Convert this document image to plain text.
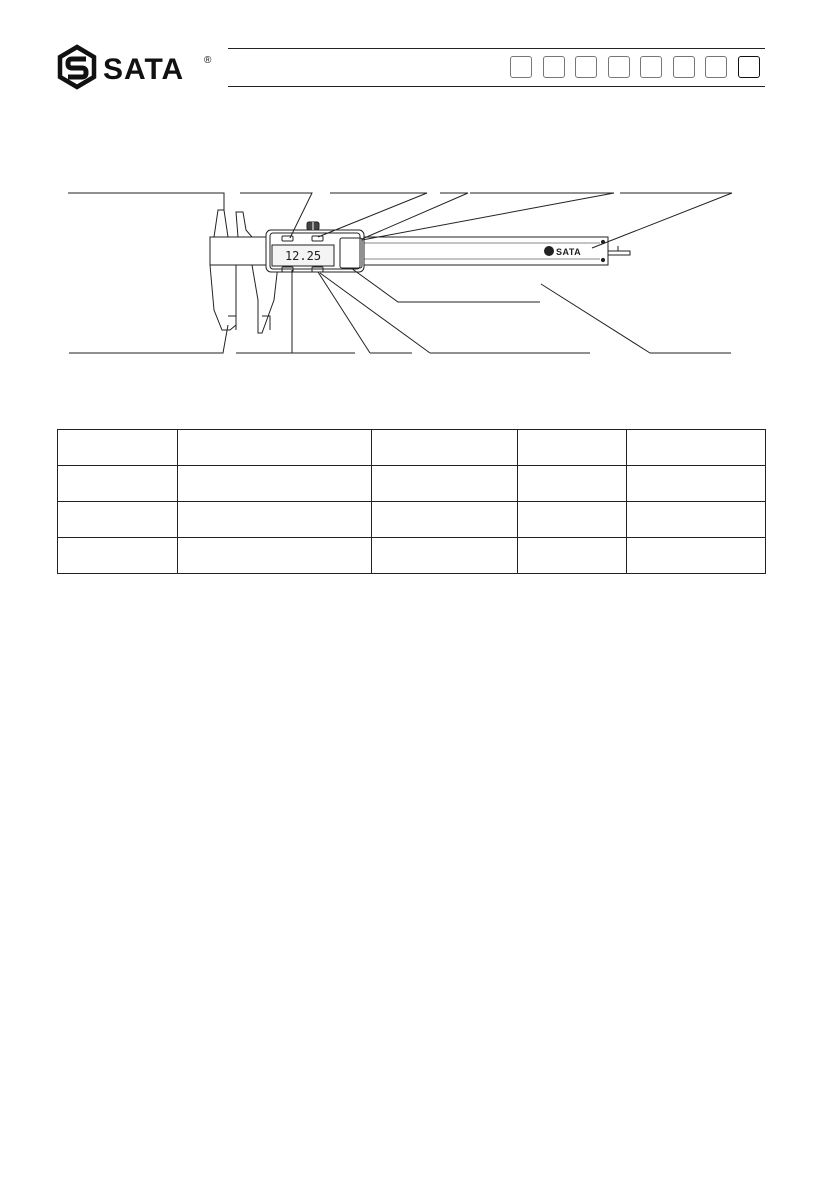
SATA ®
12.25	SATA
